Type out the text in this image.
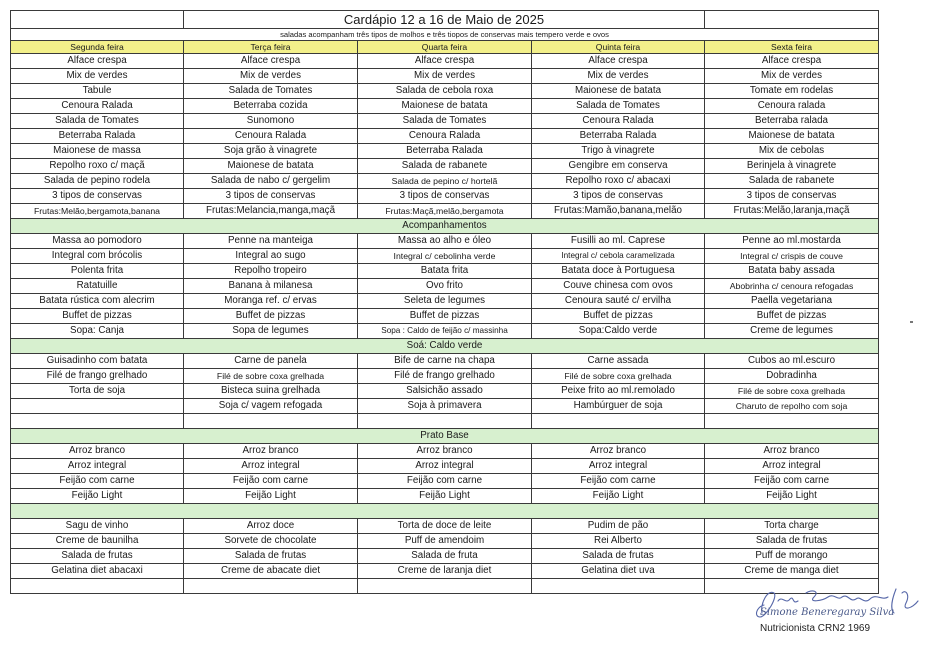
	Cardápio 12 a 16 de Maio de 2025			
saladas acompanham três tipos de molhos e três tiopos de conservas mais tempero verde e ovos				
Segunda feira	Terça feira	Quarta feira	Quinta feira	Sexta feira
Alface crespa	Alface crespa	Alface crespa	Alface crespa	Alface crespa
Mix de verdes	Mix de verdes	Mix de verdes	Mix de verdes	Mix de verdes
Tabule	Salada de Tomates	Salada de cebola roxa	Maionese de batata	Tomate em rodelas
Cenoura Ralada	Beterraba cozida	Maionese de batata	Salada de Tomates	Cenoura ralada
Salada de Tomates	Sunomono	Salada de Tomates	Cenoura Ralada	Beterraba ralada
Beterraba Ralada	Cenoura Ralada	Cenoura Ralada	Beterraba Ralada	Maionese de batata
Maionese de massa	Soja grão à vinagrete	Beterraba Ralada	Trigo à vinagrete	Mix de cebolas
Repolho roxo c/ maçã	Maionese de batata	Salada de rabanete	Gengibre em conserva	Berinjela à vinagrete
Salada de pepino rodela	Salada de nabo c/ gergelim	Salada de pepino c/ hortelã	Repolho roxo c/ abacaxi	Salada de rabanete
3 tipos de conservas	3 tipos de conservas	3 tipos de conservas	3 tipos de conservas	3 tipos de conservas
Frutas:Melão,bergamota,banana	Frutas:Melancia,manga,maçã	Frutas:Maçã,melão,bergamota	Frutas:Mamão,banana,melão	Frutas:Melão,laranja,maçã
Acompanhamentos				
Massa ao pomodoro	Penne na manteiga	Massa ao alho e óleo	Fusilli ao ml. Caprese	Penne ao ml.mostarda
Integral com brócolis	Integral ao sugo	Integral c/ cebolinha verde	Integral c/ cebola caramelizada	Integral c/ crispis de couve
Polenta frita	Repolho tropeiro	Batata frita	Batata doce à Portuguesa	Batata baby assada
Ratatuille	Banana à milanesa	Ovo frito	Couve chinesa com ovos	Abobrinha c/ cenoura refogadas
Batata rústica com alecrim	Moranga ref. c/ ervas	Seleta de legumes	Cenoura sauté c/ ervilha	Paella vegetariana
Buffet de pizzas	Buffet de pizzas	Buffet de pizzas	Buffet de pizzas	Buffet de pizzas
Sopa: Canja	Sopa de legumes	Sopa : Caldo de feijão c/ massinha	Sopa:Caldo verde	Creme de legumes
Soá: Caldo verde				
Guisadinho com batata	Carne de panela	Bife de carne na chapa	Carne assada	Cubos ao ml.escuro
Filé de frango grelhado	Filé de sobre coxa grelhada	Filé de frango grelhado	Filé de sobre coxa grelhada	Dobradinha
Torta de soja	Bisteca suina grelhada	Salsichão assado	Peixe frito ao ml.remolado	Filé de sobre coxa grelhada
	Soja c/ vagem refogada	Soja à primavera	Hambúrguer de soja	Charuto de repolho com soja

Prato Base				
Arroz branco	Arroz branco	Arroz branco	Arroz branco	Arroz branco
Arroz integral	Arroz integral	Arroz integral	Arroz integral	Arroz integral
Feijão com carne	Feijão com carne	Feijão com carne	Feijão com carne	Feijão com carne
Feijão Light	Feijão Light	Feijão Light	Feijão Light	Feijão Light

Sagu de vinho	Arroz doce	Torta de doce de leite	Pudim de pão	Torta charge
Creme de baunilha	Sorvete de chocolate	Puff de amendoim	Rei Alberto	Salada de frutas
Salada de frutas	Salada de frutas	Salada de fruta	Salada de frutas	Puff de morango
Gelatina diet abacaxi	Creme de abacate diet	Creme de laranja diet	Gelatina diet uva	Creme de manga diet

Simone Beneregaray Silva
Nutricionista CRN2 1969
